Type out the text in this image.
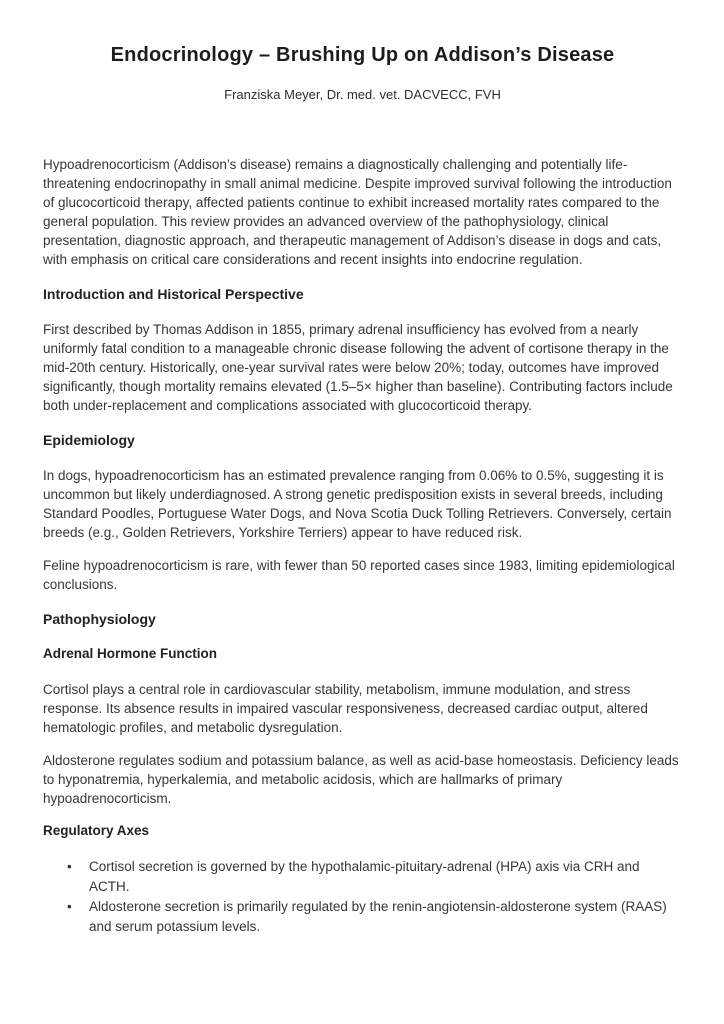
Endocrinology – Brushing Up on Addison’s Disease

Franziska Meyer, Dr. med. vet. DACVECC, FVH

Hypoadrenocorticism (Addison’s disease) remains a diagnostically challenging and potentially life-threatening endocrinopathy in small animal medicine. Despite improved survival following the introduction of glucocorticoid therapy, affected patients continue to exhibit increased mortality rates compared to the general population. This review provides an advanced overview of the pathophysiology, clinical presentation, diagnostic approach, and therapeutic management of Addison’s disease in dogs and cats, with emphasis on critical care considerations and recent insights into endocrine regulation.

Introduction and Historical Perspective

First described by Thomas Addison in 1855, primary adrenal insufficiency has evolved from a nearly uniformly fatal condition to a manageable chronic disease following the advent of cortisone therapy in the mid-20th century. Historically, one-year survival rates were below 20%; today, outcomes have improved significantly, though mortality remains elevated (1.5–5× higher than baseline). Contributing factors include both under-replacement and complications associated with glucocorticoid therapy.

Epidemiology

In dogs, hypoadrenocorticism has an estimated prevalence ranging from 0.06% to 0.5%, suggesting it is uncommon but likely underdiagnosed. A strong genetic predisposition exists in several breeds, including Standard Poodles, Portuguese Water Dogs, and Nova Scotia Duck Tolling Retrievers. Conversely, certain breeds (e.g., Golden Retrievers, Yorkshire Terriers) appear to have reduced risk.

Feline hypoadrenocorticism is rare, with fewer than 50 reported cases since 1983, limiting epidemiological conclusions.

Pathophysiology
Adrenal Hormone Function

Cortisol plays a central role in cardiovascular stability, metabolism, immune modulation, and stress response. Its absence results in impaired vascular responsiveness, decreased cardiac output, altered hematologic profiles, and metabolic dysregulation.

Aldosterone regulates sodium and potassium balance, as well as acid-base homeostasis. Deficiency leads to hyponatremia, hyperkalemia, and metabolic acidosis, which are hallmarks of primary hypoadrenocorticism.

Regulatory Axes
• Cortisol secretion is governed by the hypothalamic-pituitary-adrenal (HPA) axis via CRH and ACTH.
• Aldosterone secretion is primarily regulated by the renin-angiotensin-aldosterone system (RAAS) and serum potassium levels.
